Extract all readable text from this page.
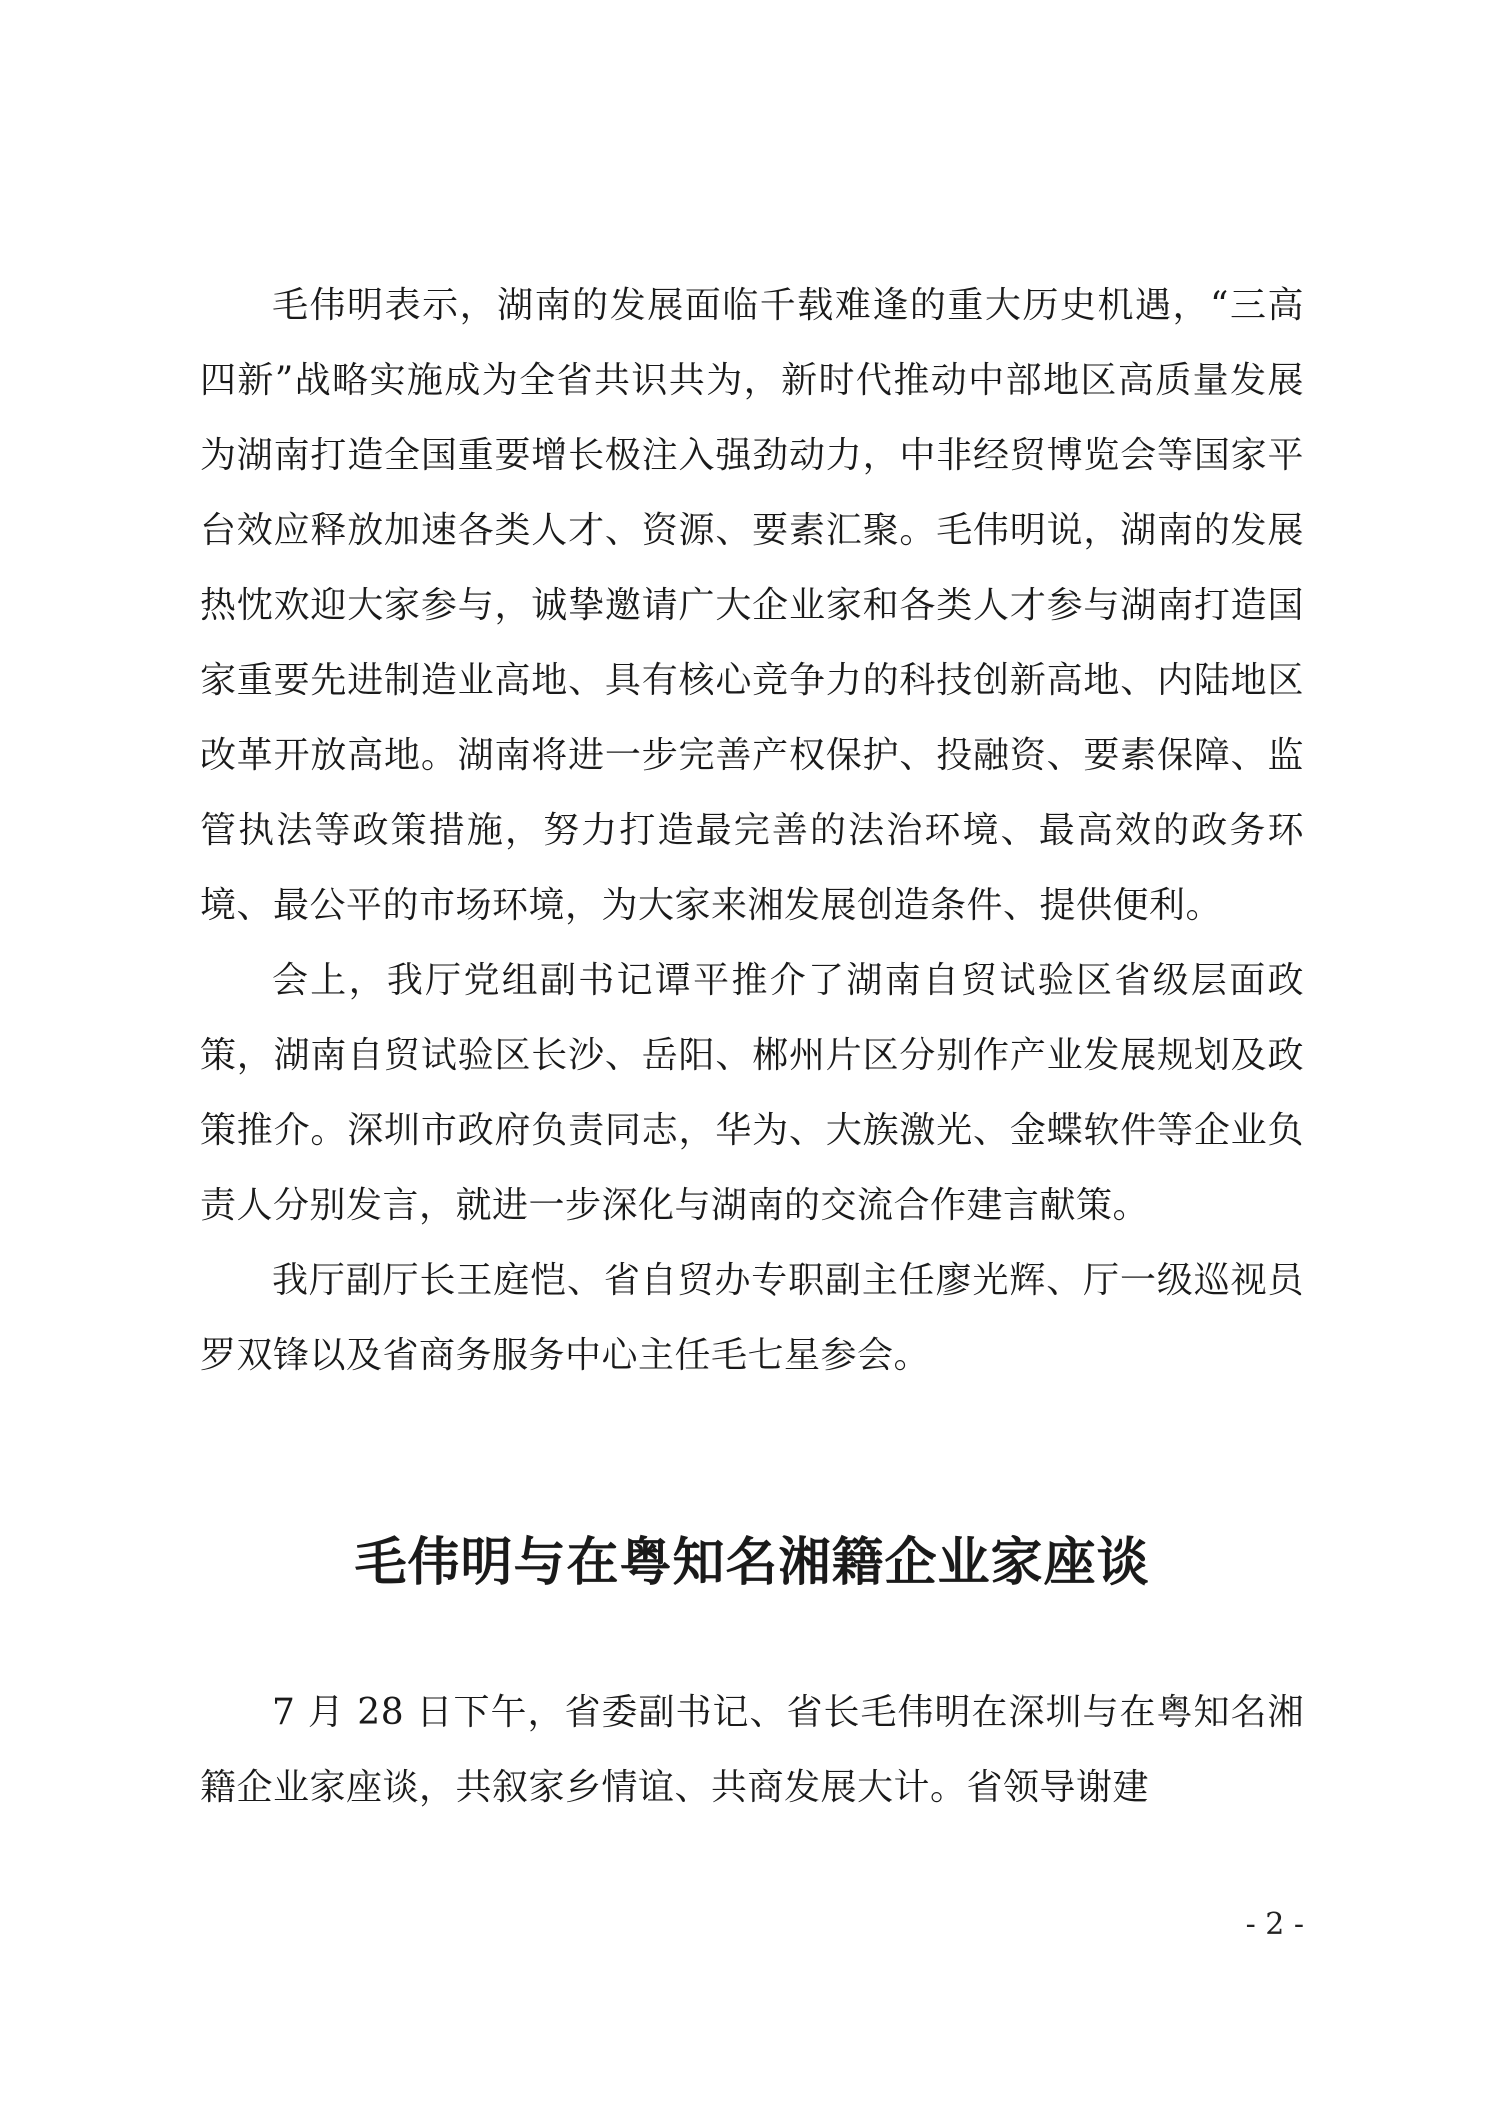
毛伟明表示，湖南的发展面临千载难逢的重大历史机遇，“三高四新”战略实施成为全省共识共为，新时代推动中部地区高质量发展为湖南打造全国重要增长极注入强劲动力，中非经贸博览会等国家平台效应释放加速各类人才、资源、要素汇聚。毛伟明说，湖南的发展热忱欢迎大家参与，诚挚邀请广大企业家和各类人才参与湖南打造国家重要先进制造业高地、具有核心竞争力的科技创新高地、内陆地区改革开放高地。湖南将进一步完善产权保护、投融资、要素保障、监管执法等政策措施，努力打造最完善的法治环境、最高效的政务环境、最公平的市场环境，为大家来湘发展创造条件、提供便利。

会上，我厅党组副书记谭平推介了湖南自贸试验区省级层面政策，湖南自贸试验区长沙、岳阳、郴州片区分别作产业发展规划及政策推介。深圳市政府负责同志，华为、大族激光、金蝶软件等企业负责人分别发言，就进一步深化与湖南的交流合作建言献策。

我厅副厅长王庭恺、省自贸办专职副主任廖光辉、厅一级巡视员罗双锋以及省商务服务中心主任毛七星参会。

毛伟明与在粤知名湘籍企业家座谈

7 月 28 日下午，省委副书记、省长毛伟明在深圳与在粤知名湘籍企业家座谈，共叙家乡情谊、共商发展大计。省领导谢建

- 2 -
